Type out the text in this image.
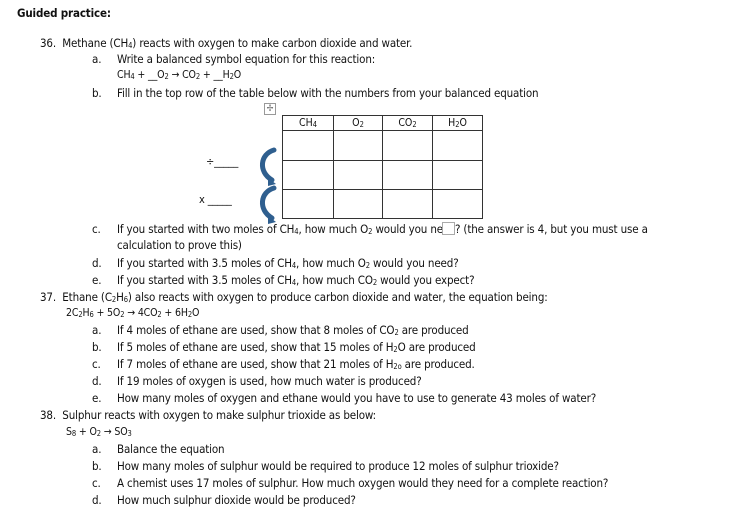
Guided practice:
36. Methane $(CH_4)$ reacts with oxygen to make carbon dioxide and water.
a. Write a balanced symbol equation for this reaction:
$CH_4$ + $\_\_O_2 \to CO_2$ + $\_\_H_2O$
b. Fill in the top row of the table below with the numbers from your balanced equation
✢
$CH_4$	$O_2$	$CO_2$	$H_2O$

÷_____
x _____
c. If you started with two moles of $CH_4$, how much $O_2$ would you ne ? (the answer is 4, but you must use a
calculation to prove this)
d. If you started with 3.5 moles of $CH_4$, how much $O_2$ would you need?
e. If you started with 3.5 moles of $CH_4$, how much $CO_2$ would you expect?
37. Ethane $(C_2H_6)$ also reacts with oxygen to produce carbon dioxide and water, the equation being:
$2C_2H_6 + 5O_2 \to 4CO_2 + 6H_2O$
a. If 4 moles of ethane are used, show that 8 moles of $CO_2$ are produced
b. If 5 moles of ethane are used, show that 15 moles of $H_2O$ are produced
c. If 7 moles of ethane are used, show that 21 moles of $H_{2o}$ are produced.
d. If 19 moles of oxygen is used, how much water is produced?
e. How many moles of oxygen and ethane would you have to use to generate 43 moles of water?
38. Sulphur reacts with oxygen to make sulphur trioxide as below:
$S_8 + O_2 \to SO_3$
a. Balance the equation
b. How many moles of sulphur would be required to produce 12 moles of sulphur trioxide?
c. A chemist uses 17 moles of sulphur. How much oxygen would they need for a complete reaction?
d. How much sulphur dioxide would be produced?
